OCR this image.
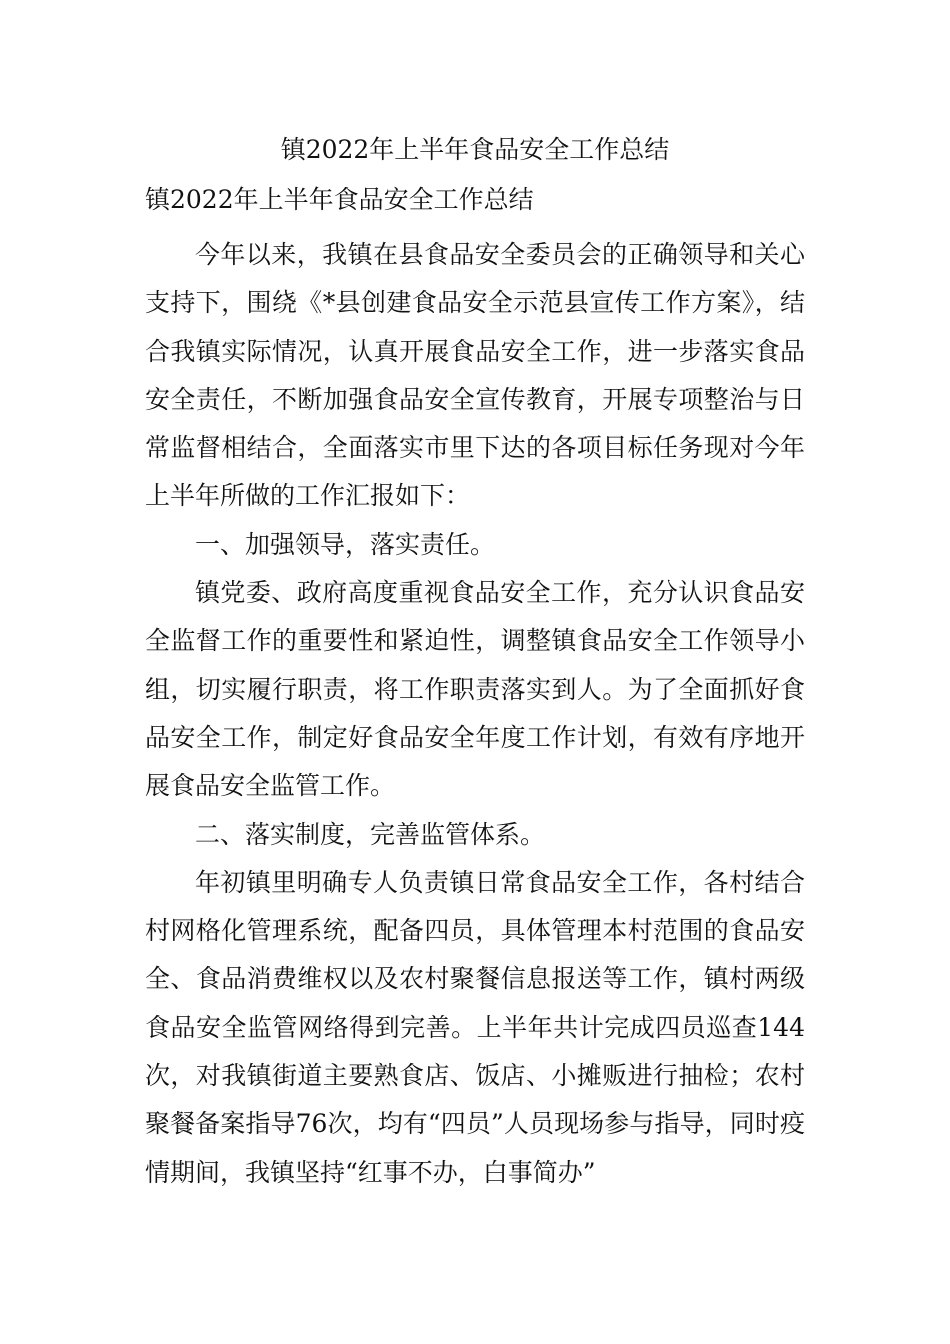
镇2022年上半年食品安全工作总结
镇2022年上半年食品安全工作总结

今年以来，我镇在县食品安全委员会的正确领导和关心支持下，围绕《*县创建食品安全示范县宣传工作方案》，结合我镇实际情况，认真开展食品安全工作，进一步落实食品安全责任，不断加强食品安全宣传教育，开展专项整治与日常监督相结合，全面落实市里下达的各项目标任务现对今年上半年所做的工作汇报如下：

一、加强领导，落实责任。

镇党委、政府高度重视食品安全工作，充分认识食品安全监督工作的重要性和紧迫性，调整镇食品安全工作领导小组，切实履行职责，将工作职责落实到人。为了全面抓好食品安全工作，制定好食品安全年度工作计划，有效有序地开展食品安全监管工作。

二、落实制度，完善监管体系。

年初镇里明确专人负责镇日常食品安全工作，各村结合村网格化管理系统，配备四员，具体管理本村范围的食品安全、食品消费维权以及农村聚餐信息报送等工作，镇村两级食品安全监管网络得到完善。上半年共计完成四员巡查144次，对我镇街道主要熟食店、饭店、小摊贩进行抽检；农村聚餐备案指导76次，均有“四员”人员现场参与指导，同时疫情期间，我镇坚持“红事不办，白事简办”
